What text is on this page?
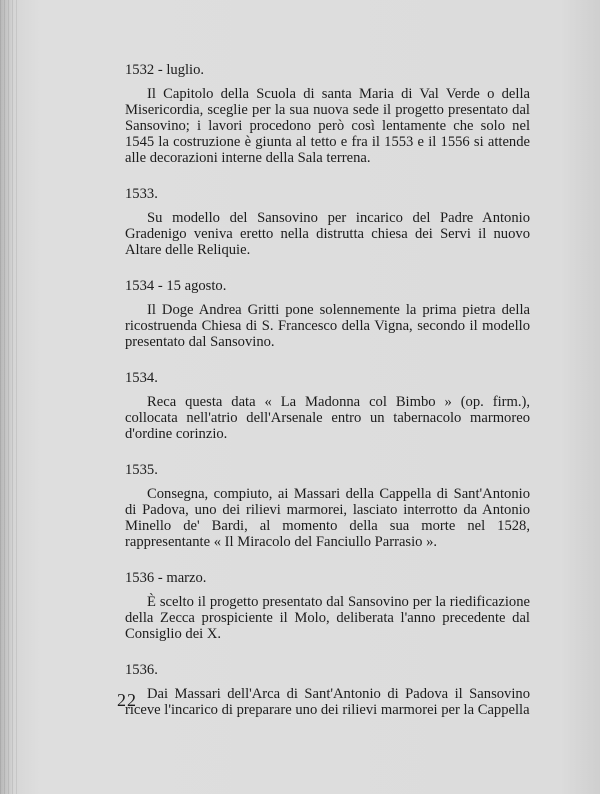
1532 - luglio.

Il Capitolo della Scuola di santa Maria di Val Verde o della Misericordia, sceglie per la sua nuova sede il progetto presentato dal Sansovino; i lavori procedono però così lentamente che solo nel 1545 la costruzione è giunta al tetto e fra il 1553 e il 1556 si attende alle decorazioni interne della Sala terrena.

1533.

Su modello del Sansovino per incarico del Padre Antonio Gradenigo veniva eretto nella distrutta chiesa dei Servi il nuovo Altare delle Reliquie.

1534 - 15 agosto.

Il Doge Andrea Gritti pone solennemente la prima pietra della ricostruenda Chiesa di S. Francesco della Vigna, secondo il modello presentato dal Sansovino.

1534.

Reca questa data « La Madonna col Bimbo » (op. firm.), collocata nell'atrio dell'Arsenale entro un tabernacolo marmoreo d'ordine corinzio.

1535.

Consegna, compiuto, ai Massari della Cappella di Sant'Antonio di Padova, uno dei rilievi marmorei, lasciato interrotto da Antonio Minello de' Bardi, al momento della sua morte nel 1528, rappresentante « Il Miracolo del Fanciullo Parrasio ».

1536 - marzo.

È scelto il progetto presentato dal Sansovino per la riedificazione della Zecca prospiciente il Molo, deliberata l'anno precedente dal Consiglio dei X.

1536.

Dai Massari dell'Arca di Sant'Antonio di Padova il Sansovino riceve l'incarico di preparare uno dei rilievi marmorei per la Cappella

22
